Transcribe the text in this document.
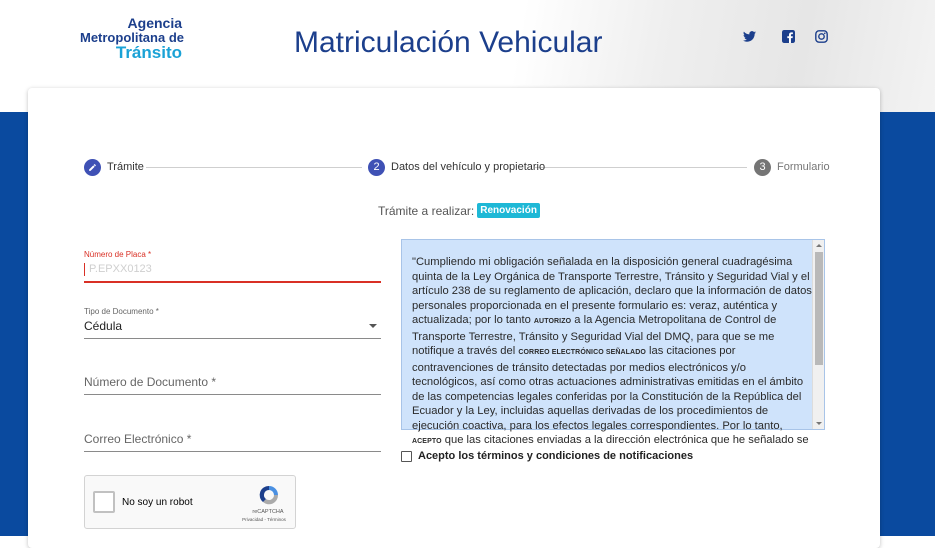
Agencia
Metropolitana de
Tránsito	Matriculación Vehicular
Trámite	2	Datos del vehículo y propietario	3	Formulario
Trámite a realizar: Renovación
Número de Placa *
P.EPXX0123
Tipo de Documento *
Cédula
Número de Documento *
Correo Electrónico *
No soy un robot
reCAPTCHA
Privacidad - Términos
"Cumpliendo mi obligación señalada en la disposición general cuadragésima quinta de la Ley Orgánica de Transporte Terrestre, Tránsito y Seguridad Vial y el artículo 238 de su reglamento de aplicación, declaro que la información de datos personales proporcionada en el presente formulario es: veraz, auténtica y actualizada; por lo tanto AUTORIZO a la Agencia Metropolitana de Control de Transporte Terrestre, Tránsito y Seguridad Vial del DMQ, para que se me notifique a través del CORREO ELECTRÓNICO SEÑALADO las citaciones por contravenciones de tránsito detectadas por medios electrónicos y/o tecnológicos, así como otras actuaciones administrativas emitidas en el ámbito de las competencias legales conferidas por la Constitución de la República del Ecuador y la Ley, incluidas aquellas derivadas de los procedimientos de ejecución coactiva, para los efectos legales correspondientes. Por lo tanto, ACEPTO que las citaciones enviadas a la dirección electrónica que he señalado se
Acepto los términos y condiciones de notificaciones
